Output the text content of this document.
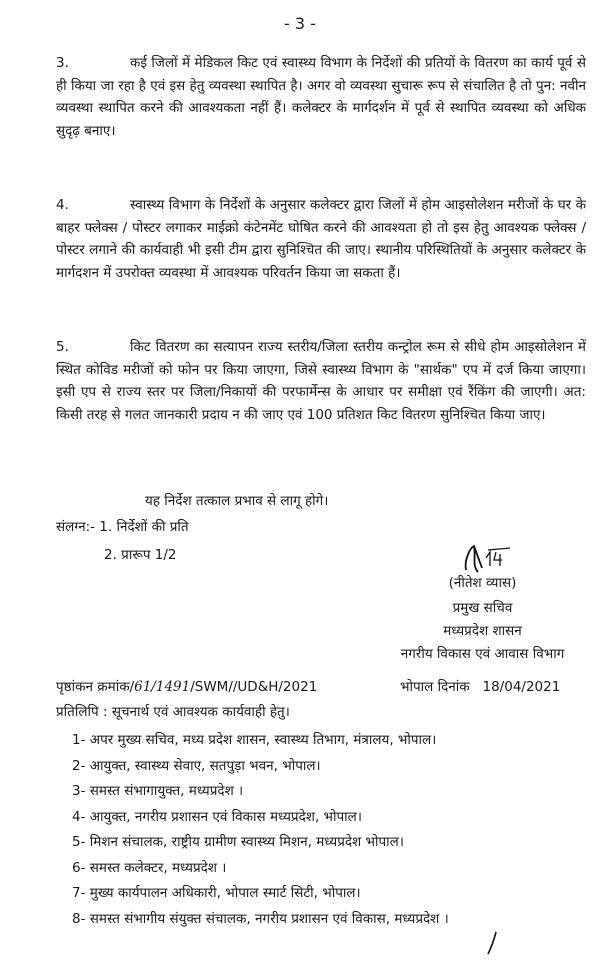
- 3 -
3.	कई जिलों में मेडिकल किट एवं स्वास्थ्य विभाग के निर्देशों की प्रतियों के वितरण का कार्य पूर्व से ही किया जा रहा है एवं इस हेतु व्यवस्था स्थापित है। अगर वो व्यवस्था सुचारू रूप से संचालित है तो पुन: नवीन व्यवस्था स्थापित करने की आवश्यकता नहीं हैं। कलेक्टर के मार्गदर्शन में पूर्व से स्थापित व्यवस्था को अधिक सुदृढ़ बनाए।
4.	स्वास्थ्य विभाग के निर्देशों के अनुसार कलेक्टर द्वारा जिलों में होम आइसोलेशन मरीजों के घर के बाहर फ्लेक्स / पोस्टर लगाकर माईक्रो कंटेनमेंट घोषित करने की आवश्यता हो तो इस हेतु आवश्यक फ्लेक्स / पोस्टर लगाने की कार्यवाही भी इसी टीम द्वारा सुनिश्चित की जाए। स्थानीय परिस्थितियों के अनुसार कलेक्टर के मार्गदशन में उपरोक्त व्यवस्था में आवश्यक परिवर्तन किया जा सकता हैं।
5.	किट वितरण का सत्यापन राज्य स्तरीय/जिला स्तरीय कन्ट्रोल रूम से सीधे होम आइसोलेशन में स्थित कोविड मरीजों को फोन पर किया जाएगा, जिसे स्वास्थ्य विभाग के "सार्थक" एप में दर्ज किया जाएगा। इसी एप से राज्य स्तर पर जिला/निकायों की परफार्मेन्स के आधार पर समीक्षा एवं रैंकिंग की जाएगी। अत: किसी तरह से गलत जानकारी प्रदाय न की जाए एवं 100 प्रतिशत किट वितरण सुनिश्चित किया जाए।
यह निर्देश तत्काल प्रभाव से लागू होगे।
संलग्न:- 1. निर्देशों की प्रति
2. प्रारूप 1/2
(नीतेश व्यास)
प्रमुख सचिव
मध्यप्रदेश शासन
नगरीय विकास एवं आवास विभाग
पृष्ठांकन क्रमांक/61/1491/SWM//UD&H/2021	भोपाल दिनांक 18/04/2021
प्रतिलिपि : सूचनार्थ एवं आवश्यक कार्यवाही हेतु।
1- अपर मुख्य सचिव, मध्य प्रदेश शासन, स्वास्थ्य तिभाग, मंत्रालय, भोपाल।
2- आयुक्त, स्वास्थ्य सेवाए, सतपुड़ा भवन, भोपाल।
3- समस्त संभागायुक्त, मध्यप्रदेश ।
4- आयुक्त, नगरीय प्रशासन एवं विकास मध्यप्रदेश, भोपाल।
5- मिशन संचालक, राष्ट्रीय ग्रामीण स्वास्थ्य मिशन, मध्यप्रदेश भोपाल।
6- समस्त कलेक्टर, मध्यप्रदेश ।
7- मुख्य कार्यपालन अधिकारी, भोपाल स्मार्ट सिटी, भोपाल।
8- समस्त संभागीय संयुक्त संचालक, नगरीय प्रशासन एवं विकास, मध्यप्रदेश ।
